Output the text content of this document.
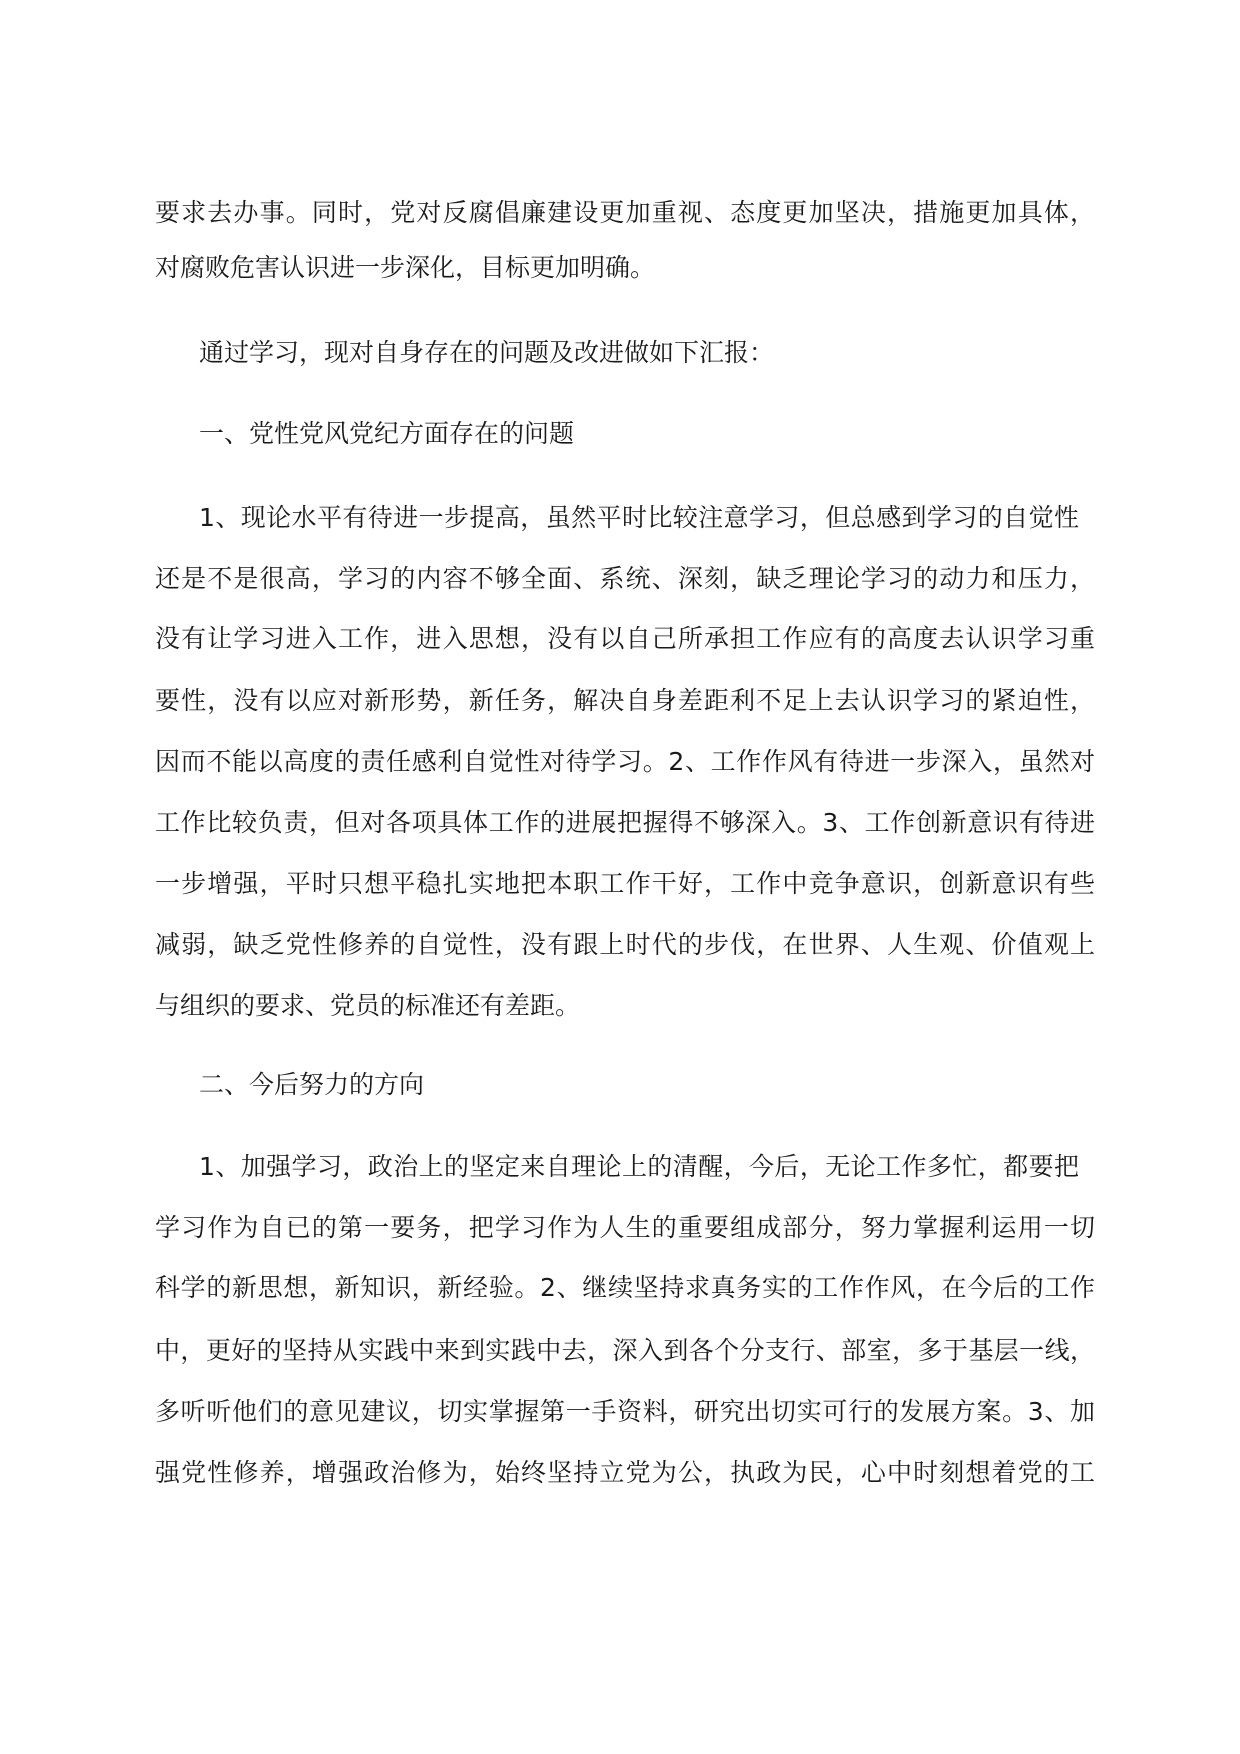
要求去办事。同时，党对反腐倡廉建设更加重视、态度更加坚决，措施更加具体，
对腐败危害认识进一步深化，目标更加明确。
通过学习，现对自身存在的问题及改进做如下汇报：
一、党性党风党纪方面存在的问题
1、现论水平有待进一步提高，虽然平时比较注意学习，但总感到学习的自觉性
还是不是很高，学习的内容不够全面、系统、深刻，缺乏理论学习的动力和压力，
没有让学习进入工作，进入思想，没有以自己所承担工作应有的高度去认识学习重
要性，没有以应对新形势，新任务，解决自身差距利不足上去认识学习的紧迫性，
因而不能以高度的责任感利自觉性对待学习。2、工作作风有待进一步深入，虽然对
工作比较负责，但对各项具体工作的进展把握得不够深入。3、工作创新意识有待进
一步增强，平时只想平稳扎实地把本职工作干好，工作中竞争意识，创新意识有些
减弱，缺乏党性修养的自觉性，没有跟上时代的步伐，在世界、人生观、价值观上
与组织的要求、党员的标准还有差距。
二、今后努力的方向
1、加强学习，政治上的坚定来自理论上的清醒，今后，无论工作多忙，都要把
学习作为自已的第一要务，把学习作为人生的重要组成部分，努力掌握利运用一切
科学的新思想，新知识，新经验。2、继续坚持求真务实的工作作风，在今后的工作
中，更好的坚持从实践中来到实践中去，深入到各个分支行、部室，多于基层一线，
多听听他们的意见建议，切实掌握第一手资料，研究出切实可行的发展方案。3、加
强党性修养，增强政治修为，始终坚持立党为公，执政为民，心中时刻想着党的工
